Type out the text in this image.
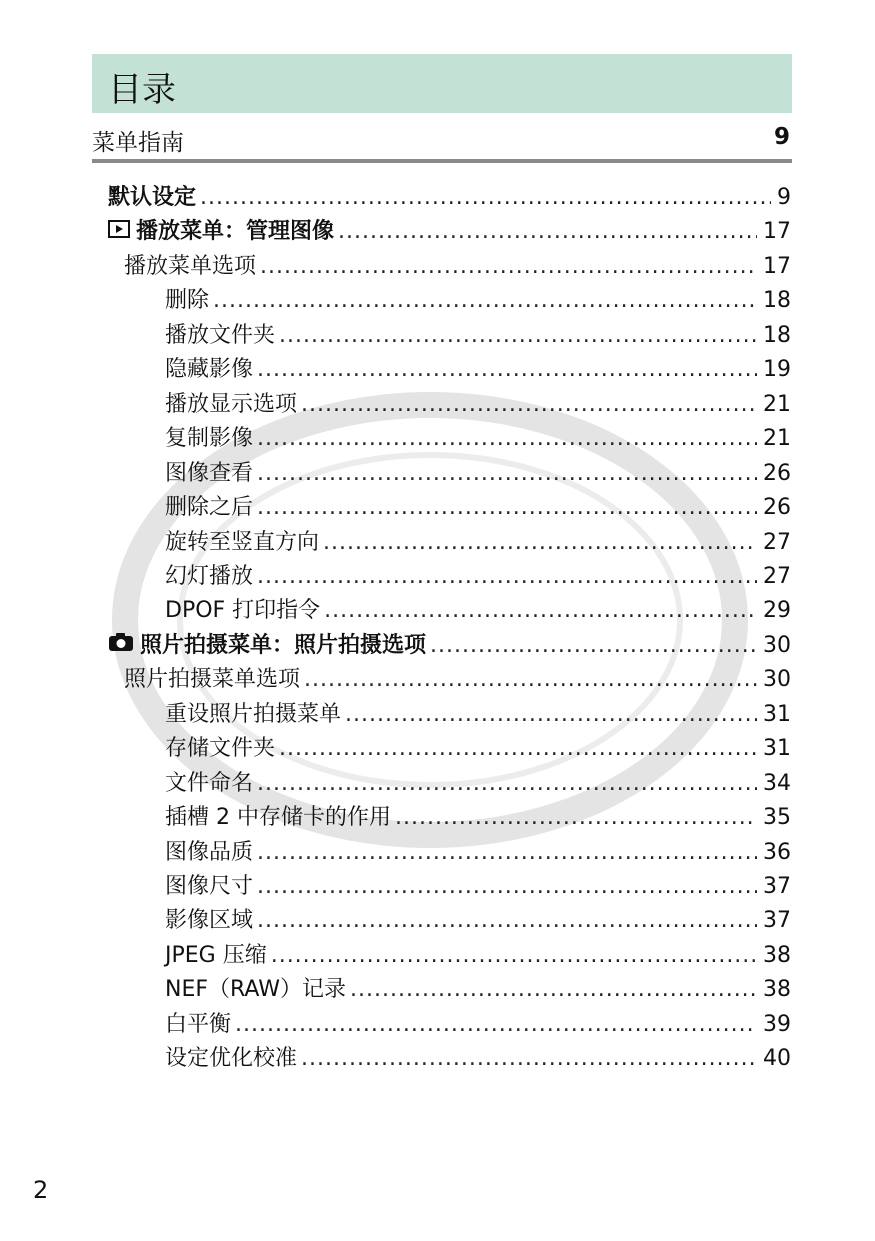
目录
菜单指南	9
默认设定 .....	9
播放菜单：管理图像 .....	17
播放菜单选项 .....	17
删除 .....	18
播放文件夹 .....	18
隐藏影像 .....	19
播放显示选项 .....	21
复制影像 .....	21
图像查看 .....	26
删除之后 .....	26
旋转至竖直方向 .....	27
幻灯播放 .....	27
DPOF 打印指令 .....	29
照片拍摄菜单：照片拍摄选项 .....	30
照片拍摄菜单选项 .....	30
重设照片拍摄菜单 .....	31
存储文件夹 .....	31
文件命名 .....	34
插槽 2 中存储卡的作用 .....	35
图像品质 .....	36
图像尺寸 .....	37
影像区域 .....	37
JPEG 压缩 .....	38
NEF（RAW）记录 .....	38
白平衡 .....	39
设定优化校准 .....	40
2
